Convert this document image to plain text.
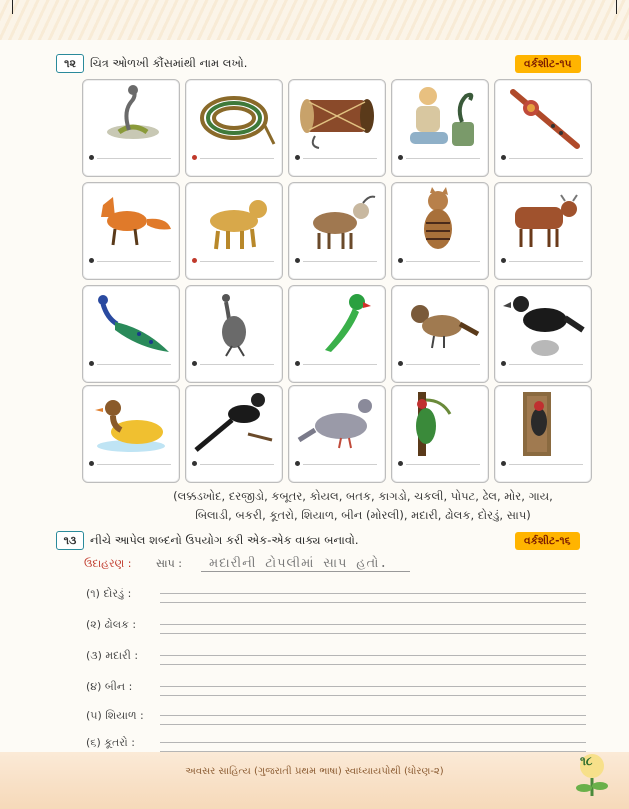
૧૨	ચિત્ર ઓળખી કૌંસમાંથી નામ લખો.	વર્કશીટ-૧૫
(લક્કડખોદ, દરજીડો, કબૂતર, કોયલ, બતક, કાગડો, ચકલી, પોપટ, ઢેલ, મોર, ગાય,
બિલાડી, બકરી, કૂતરો, શિયાળ, બીન (મોરલી), મદારી, ઢોલક, દોરડું, સાપ)
૧૩	નીચે આપેલ શબ્દનો ઉપયોગ કરી એક-એક વાક્ય બનાવો.	વર્કશીટ-૧૬
ઉદાહરણ :	સાપ :	મદારીની ટોપલીમાં સાપ હતો.
(૧) દોરડું :
(૨) ઢોલક :
(૩) મદારી :
(૪) બીન :
(૫) શિયાળ :
(૬) કૂતરો :
અવસર સાહિત્ય (ગુજરાતી પ્રથમ ભાષા) સ્વાધ્યાયપોથી (ધોરણ-૨)
૧૮
